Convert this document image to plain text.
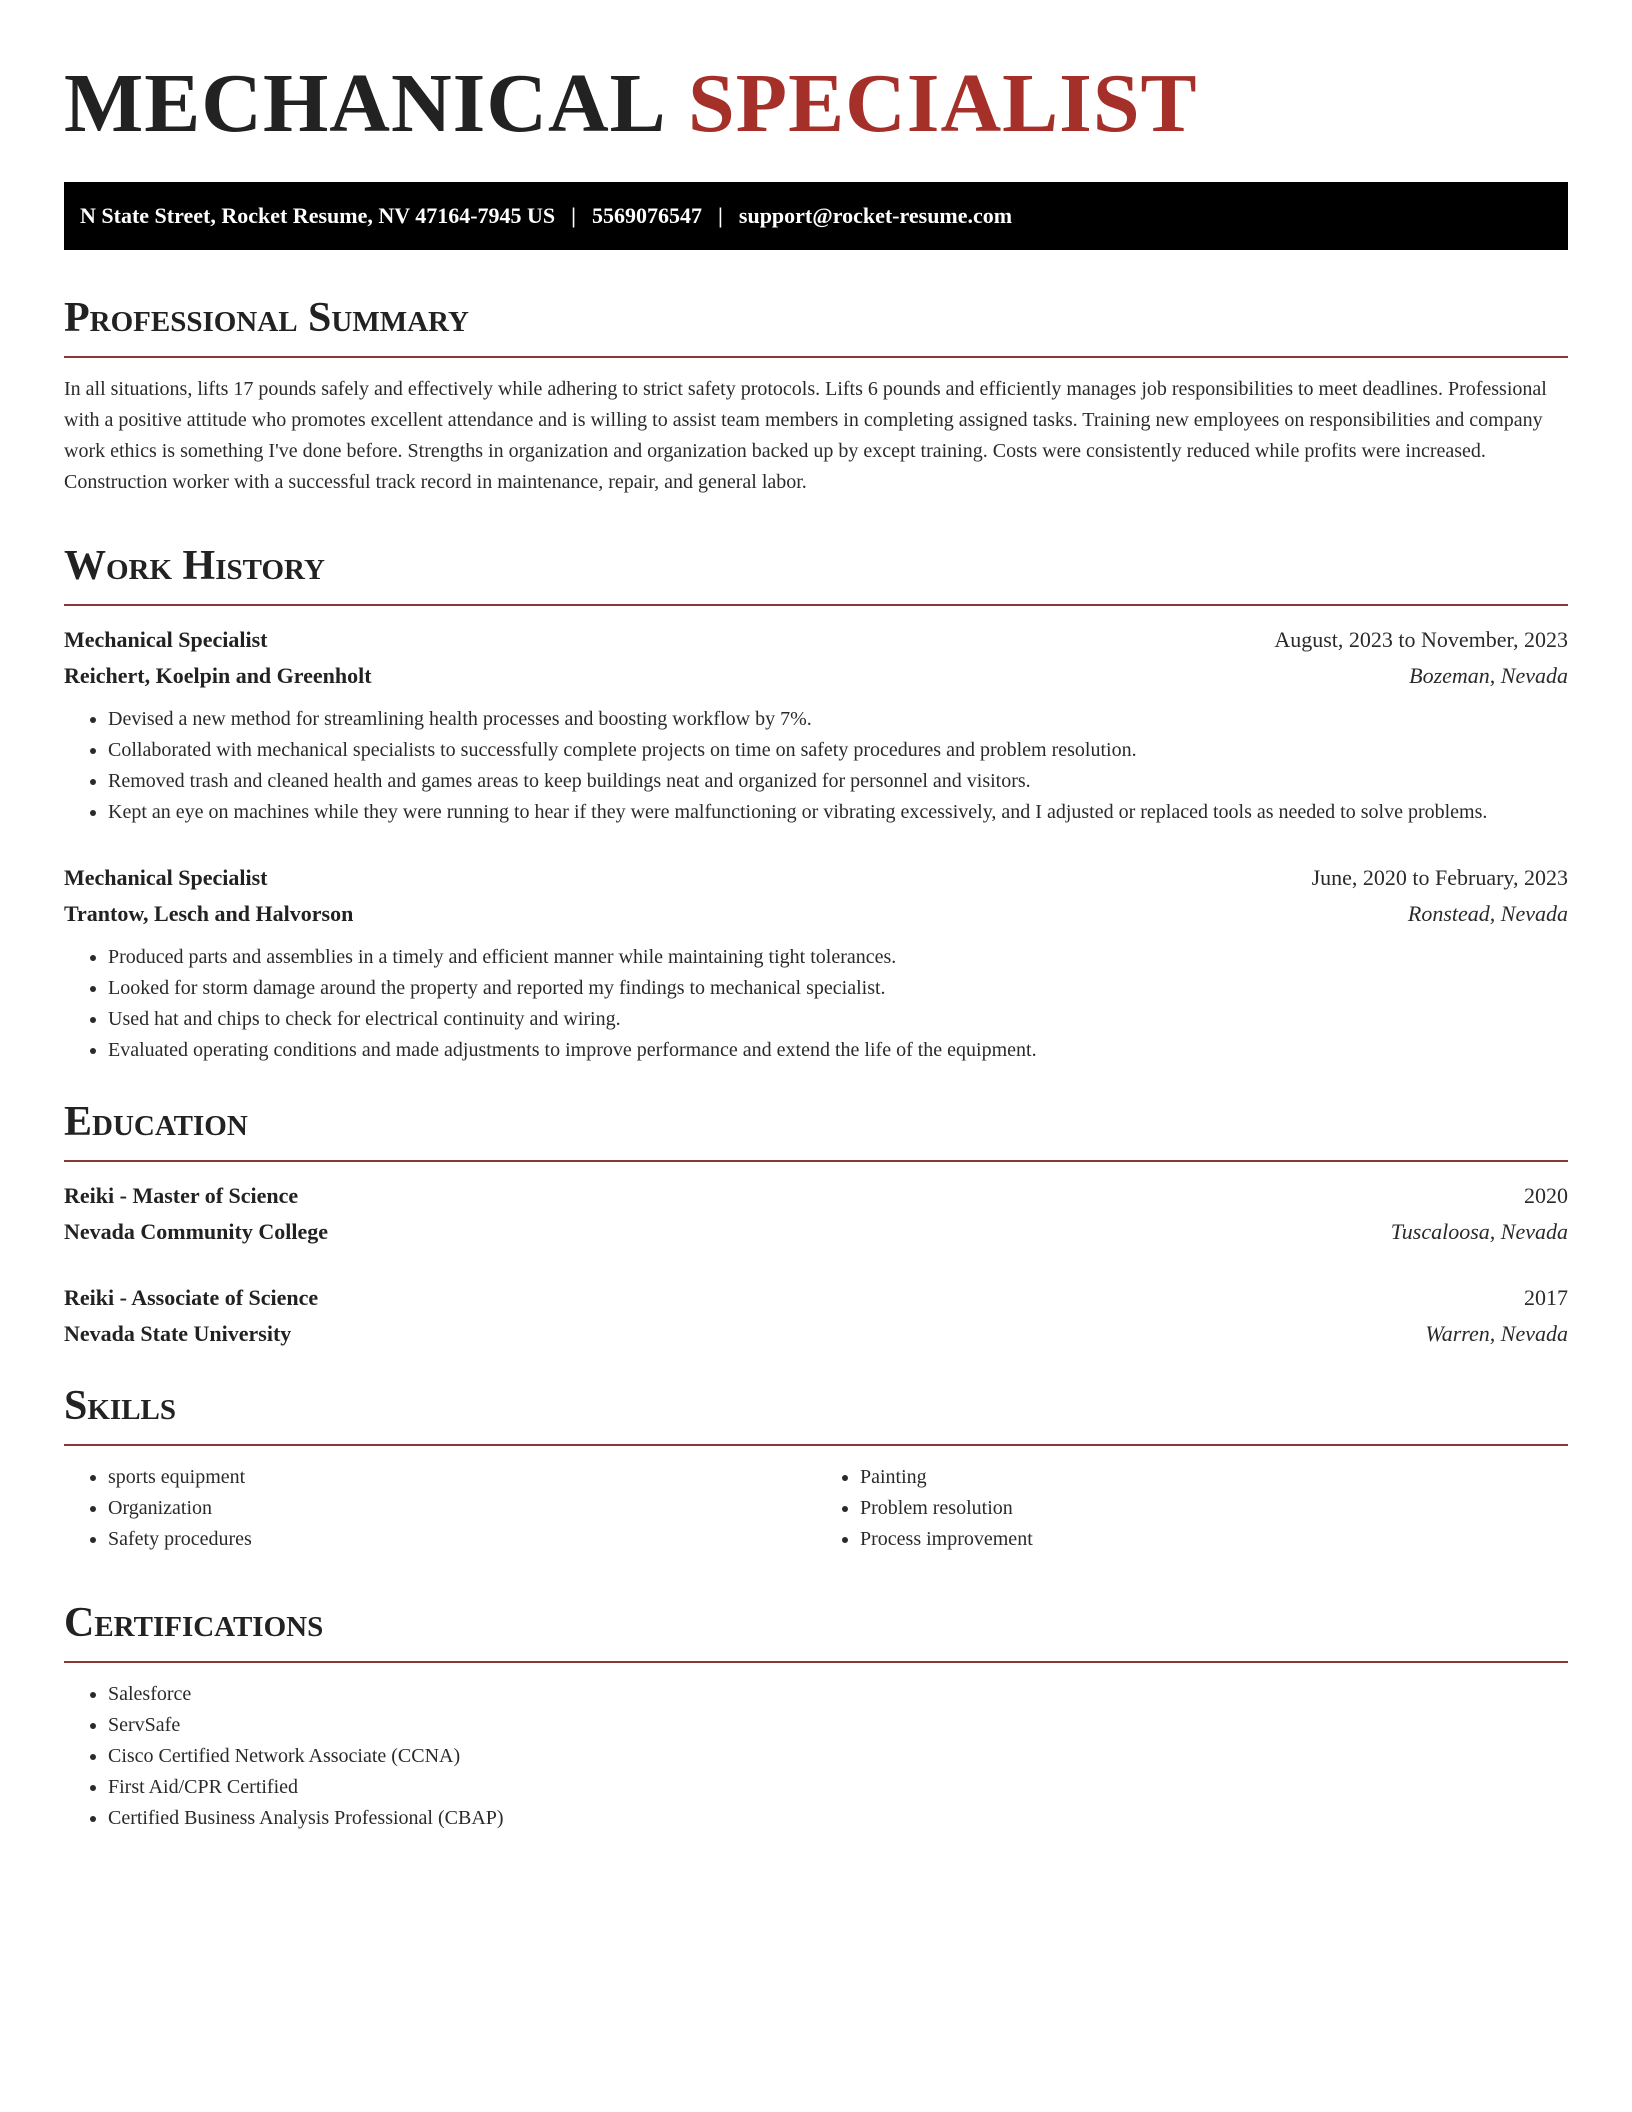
MECHANICAL SPECIALIST
N State Street, Rocket Resume, NV 47164-7945 US | 5569076547 | support@rocket-resume.com
Professional Summary

In all situations, lifts 17 pounds safely and effectively while adhering to strict safety protocols. Lifts 6 pounds and efficiently manages job responsibilities to meet deadlines. Professional with a positive attitude who promotes excellent attendance and is willing to assist team members in completing assigned tasks. Training new employees on responsibilities and company work ethics is something I've done before. Strengths in organization and organization backed up by except training. Costs were consistently reduced while profits were increased. Construction worker with a successful track record in maintenance, repair, and general labor.

Work History
Mechanical Specialist	August, 2023 to November, 2023
Reichert, Koelpin and Greenholt	Bozeman, Nevada
• Devised a new method for streamlining health processes and boosting workflow by 7%.
• Collaborated with mechanical specialists to successfully complete projects on time on safety procedures and problem resolution.
• Removed trash and cleaned health and games areas to keep buildings neat and organized for personnel and visitors.
• Kept an eye on machines while they were running to hear if they were malfunctioning or vibrating excessively, and I adjusted or replaced tools as needed to solve problems.
Mechanical Specialist	June, 2020 to February, 2023
Trantow, Lesch and Halvorson	Ronstead, Nevada
• Produced parts and assemblies in a timely and efficient manner while maintaining tight tolerances.
• Looked for storm damage around the property and reported my findings to mechanical specialist.
• Used hat and chips to check for electrical continuity and wiring.
• Evaluated operating conditions and made adjustments to improve performance and extend the life of the equipment.
Education
Reiki - Master of Science	2020
Nevada Community College	Tuscaloosa, Nevada
Reiki - Associate of Science	2017
Nevada State University	Warren, Nevada
Skills
• sports equipment
• Organization
• Safety procedures
• Painting
• Problem resolution
• Process improvement
Certifications
• Salesforce
• ServSafe
• Cisco Certified Network Associate (CCNA)
• First Aid/CPR Certified
• Certified Business Analysis Professional (CBAP)
